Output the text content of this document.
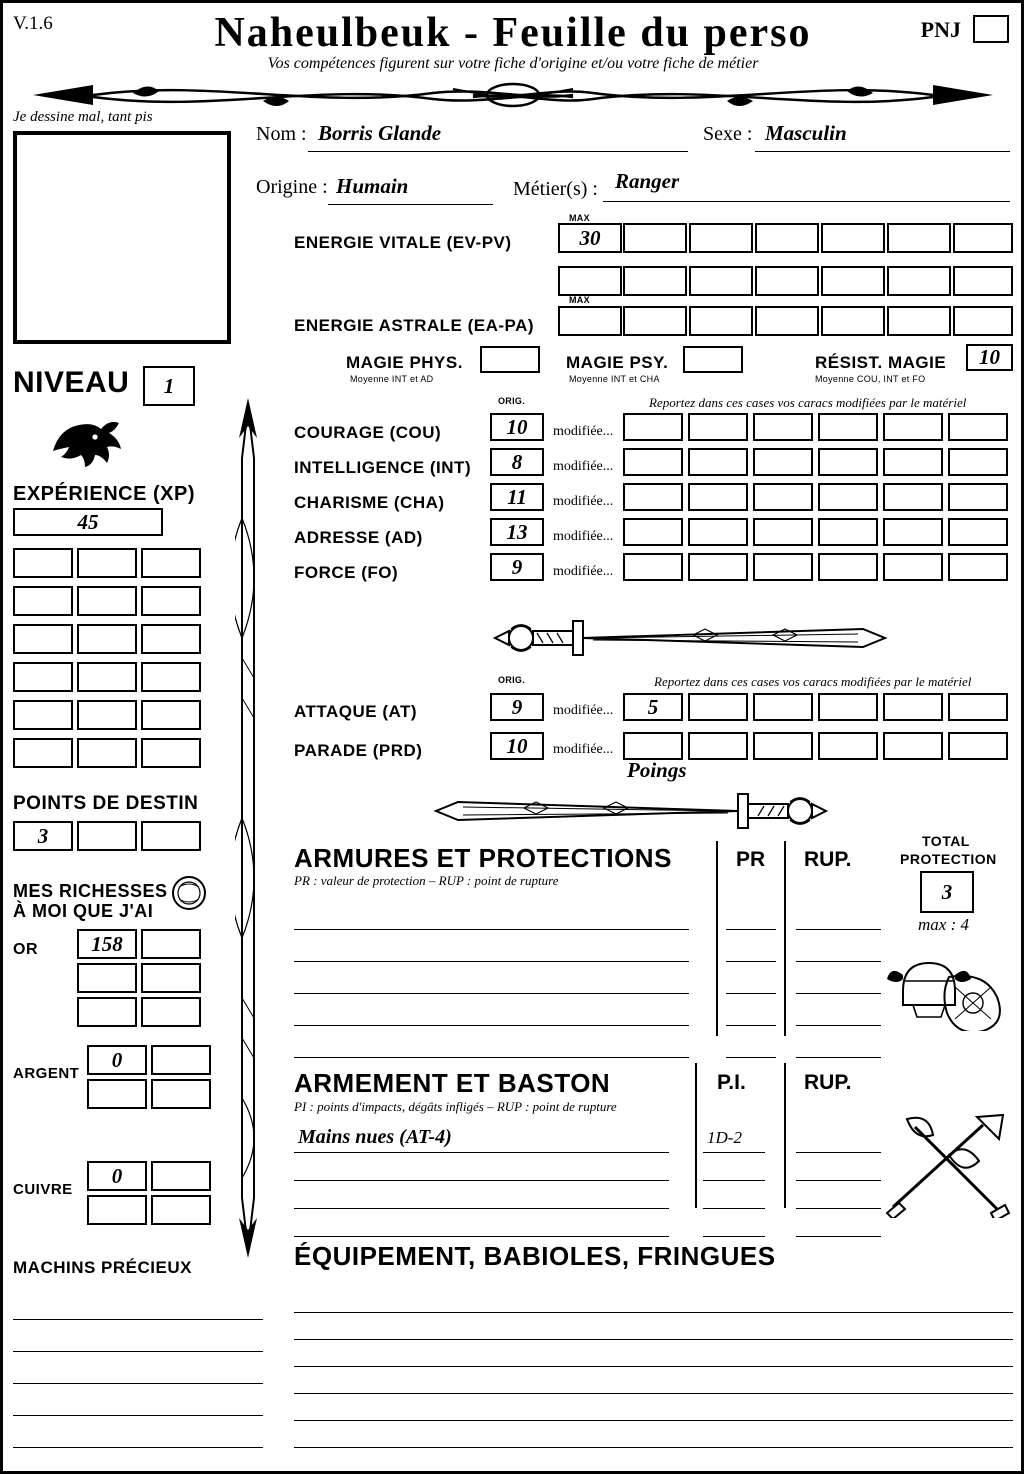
V.1.6	Naheulbeuk - Feuille du perso
Vos compétences figurent sur votre fiche d'origine et/ou votre fiche de métier
PNJ
Je dessine mal, tant pis
Nom : Borris Glande	Sexe : Masculin
Origine : Humain	Métier(s) : Ranger
MAX
ENERGIE VITALE (EV-PV)	30
MAX
ENERGIE ASTRALE (EA-PA)
MAGIE PHYS.
Moyenne INT et AD
MAGIE PSY.
Moyenne INT et CHA
RÉSIST. MAGIE
Moyenne COU, INT et FO
10
ORIG.	Reportez dans ces cases vos caracs modifiées par le matériel
COURAGE (COU)	10	modifiée...
INTELLIGENCE (INT)	8	modifiée...
CHARISME (CHA)	11	modifiée...
ADRESSE (AD)	13	modifiée...
FORCE (FO)	9	modifiée...
ORIG.	Reportez dans ces cases vos caracs modifiées par le matériel
ATTAQUE (AT)	9	modifiée...	5
PARADE (PRD)	10	modifiée...
Poings
NIVEAU	1
EXPÉRIENCE (XP)
45
POINTS DE DESTIN
3
MES RICHESSES
À MOI QUE J'AI
OR	158
ARGENT
0
CUIVRE
0
MACHINS PRÉCIEUX
ARMURES ET PROTECTIONS
PR : valeur de protection – RUP : point de rupture
PR RUP.
TOTAL
PROTECTION
3
max : 4
ARMEMENT ET BASTON
PI : points d'impacts, dégâts infligés – RUP : point de rupture
P.I.	RUP.
Mains nues (AT-4)	1D-2
ÉQUIPEMENT, BABIOLES, FRINGUES
